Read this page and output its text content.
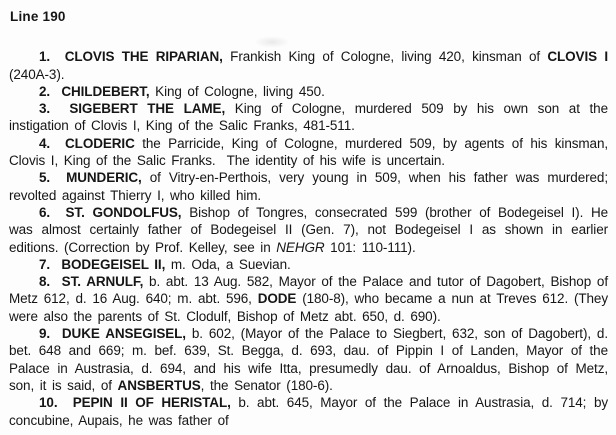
Line 190

1.  CLOVIS THE RIPARIAN, Frankish King of Cologne, living 420, kinsman of CLOVIS I (240A-3).

2.  CHILDEBERT, King of Cologne, living 450.

3.  SIGEBERT THE LAME, King of Cologne, murdered 509 by his own son at the instigation of Clovis I, King of the Salic Franks, 481-511.

4.  CLODERIC the Parricide, King of Cologne, murdered 509, by agents of his kinsman, Clovis I, King of the Salic Franks.  The identity of his wife is uncertain.

5.  MUNDERIC, of Vitry-en-Perthois, very young in 509, when his father was murdered; revolted against Thierry I, who killed him.

6.  ST. GONDOLFUS, Bishop of Tongres, consecrated 599 (brother of Bodegeisel I). He was almost certainly father of Bodegeisel II (Gen. 7), not Bodegeisel I as shown in earlier editions. (Correction by Prof. Kelley, see in NEHGR 101: 110-111).

7.  BODEGEISEL II, m. Oda, a Suevian.

8.  ST. ARNULF, b. abt. 13 Aug. 582, Mayor of the Palace and tutor of Dagobert, Bishop of Metz 612, d. 16 Aug. 640; m. abt. 596, DODE (180-8), who became a nun at Treves 612. (They were also the parents of St. Clodulf, Bishop of Metz abt. 650, d. 690).

9.  DUKE ANSEGISEL, b. 602, (Mayor of the Palace to Siegbert, 632, son of Dagobert), d. bet. 648 and 669; m. bef. 639, St. Begga, d. 693, dau. of Pippin I of Landen, Mayor of the Palace in Austrasia, d. 694, and his wife Itta, presumedly dau. of Arnoaldus, Bishop of Metz, son, it is said, of ANSBERTUS, the Senator (180-6).

10.  PEPIN II OF HERISTAL, b. abt. 645, Mayor of the Palace in Austrasia, d. 714; by concubine, Aupais, he was father of
